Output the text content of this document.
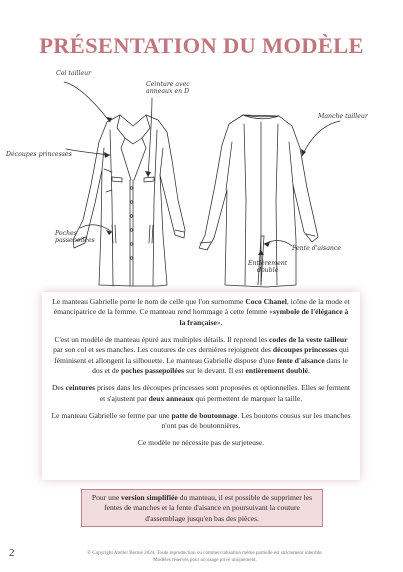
PRÉSENTATION DU MODÈLE
Col tailleur
Ceinture avec
anneaux en D
Découpes princesses
Poches
passepoilées
Manche tailleur
Fente d'aisance
Entièrement
doublé

Le manteau Gabrielle porte le nom de celle que l'on surnomme Coco Chanel, icône de la mode et émancipatrice de la femme. Ce manteau rend hommage à cette femme «symbole de l'élégance à la française».

C'est un modèle de manteau épuré aux multiples détails. Il reprend les codes de la veste tailleur par son col et ses manches. Les coutures de ces dernières rejoignent des découpes princesses qui féminisent et allongent la silhouette. Le manteau Gabrielle dispose d'une fente d'aisance dans le dos et de poches passepoilées sur le devant. Il est entièrement doublé.

Des ceintures prises dans les découpes princesses sont proposées et optionnelles. Elles se ferment et s'ajustent par deux anneaux qui permettent de marquer la taille.

Le manteau Gabrielle se ferme par une patte de boutonnage. Les boutons cousus sur les manches n'ont pas de boutonnières.

Ce modèle ne nécessite pas de surjeteuse.

Pour une version simplifiée du manteau, il est possible de supprimer les fentes de manches et la fente d'aisance en poursuivant la couture d'assemblage jusqu'en bas des pièces.
2	© Copyright Atelier Bernie 2024. Toute reproduction ou commercialisation même partielle est strictement interdite.
Modèles réservés pour un usage privé uniquement.
